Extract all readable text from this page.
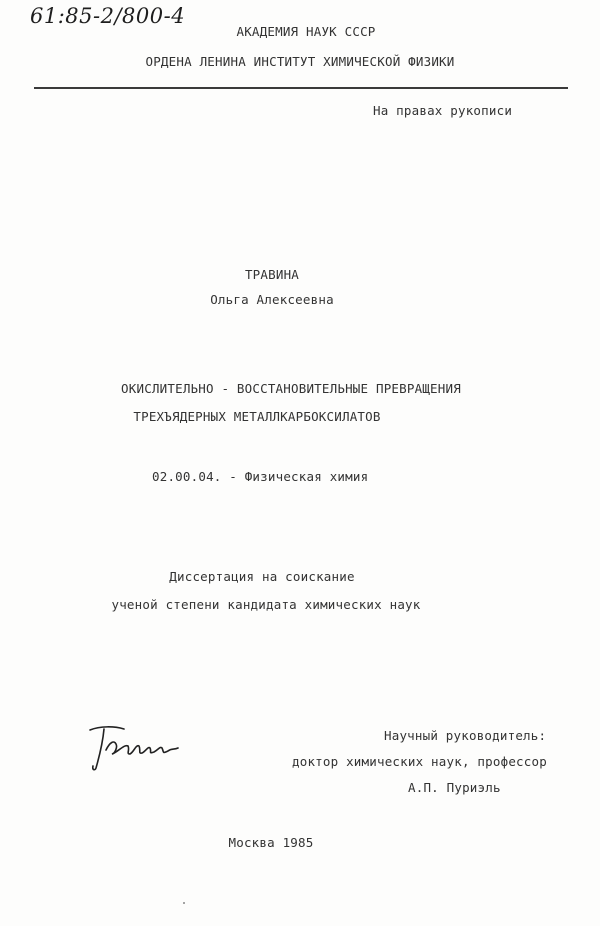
61:85-2/800-4
АКАДЕМИЯ НАУК СССР
ОРДЕНА ЛЕНИНА ИНСТИТУТ ХИМИЧЕСКОЙ ФИЗИКИ
На правах рукописи
ТРАВИНА
Ольга Алексеевна
ОКИСЛИТЕЛЬНО - ВОССТАНОВИТЕЛЬНЫЕ ПРЕВРАЩЕНИЯ
ТРЕХЪЯДЕРНЫХ МЕТАЛЛКАРБОКСИЛАТОВ
02.00.04. - Физическая химия
Диссертация на соискание
ученой степени кандидата химических наук
Травина
Научный руководитель:
доктор химических наук, профессор
А.П. Пуриэль
Москва 1985
